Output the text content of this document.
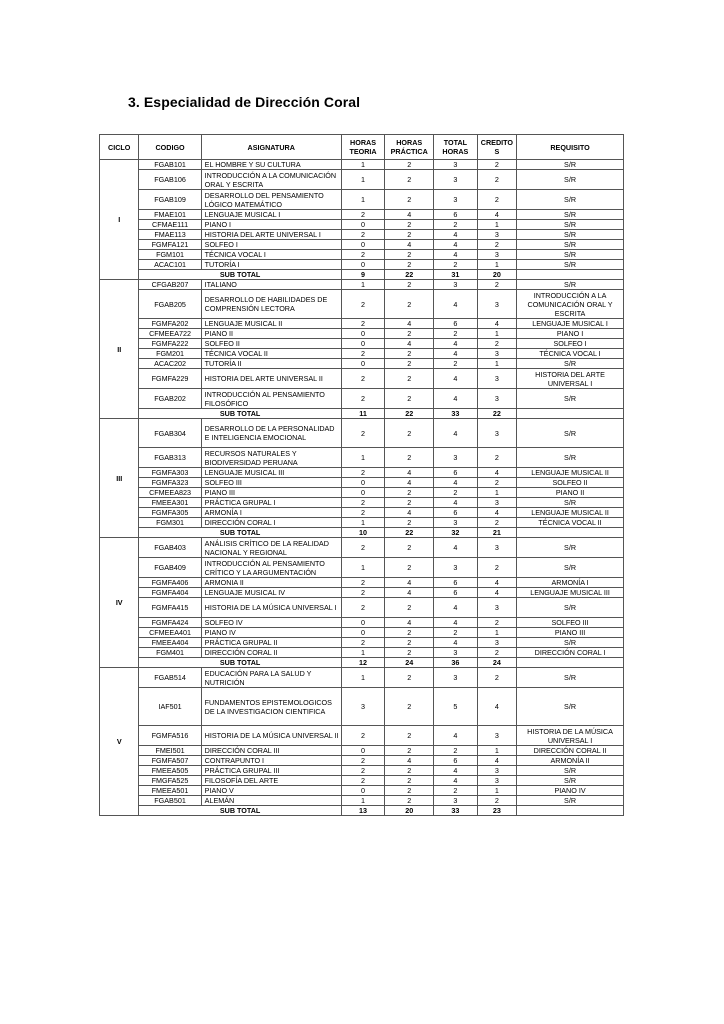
3. Especialidad de Dirección Coral
CICLO	CODIGO	ASIGNATURA	HORAS TEORIA	HORAS PRÁCTICA	TOTAL HORAS	CREDITO S	REQUISITO
I	FGAB101	EL HOMBRE Y SU CULTURA	1	2	3	2	S/R
	FGAB106	INTRODUCCIÓN A LA COMUNICACIÓN ORAL Y ESCRITA	1	2	3	2	S/R
	FGAB109	DESARROLLO DEL PENSAMIENTO LÓGICO MATEMÁTICO	1	2	3	2	S/R
	FMAE101	LENGUAJE MUSICAL I	2	4	6	4	S/R
	CFMAE111	PIANO I	0	2	2	1	S/R
	FMAE113	HISTORIA DEL ARTE UNIVERSAL I	2	2	4	3	S/R
	FGMFA121	SOLFEO I	0	4	4	2	S/R
	FGM101	TÉCNICA VOCAL I	2	2	4	3	S/R
	ACAC101	TUTORÍA I	0	2	2	1	S/R
	SUB TOTAL		9	22	31	20	
II	CFGAB207	ITALIANO	1	2	3	2	S/R
	FGAB205	DESARROLLO DE HABILIDADES DE COMPRENSIÓN LECTORA	2	2	4	3	INTRODUCCIÓN A LA COMUNICACIÓN ORAL Y ESCRITA
	FGMFA202	LENGUAJE MUSICAL II	2	4	6	4	LENGUAJE MUSICAL I
	CFMEEA722	PIANO II	0	2	2	1	PIANO I
	FGMFA222	SOLFEO II	0	4	4	2	SOLFEO I
	FGM201	TÉCNICA VOCAL II	2	2	4	3	TÉCNICA VOCAL I
	ACAC202	TUTORÍA II	0	2	2	1	S/R
	FGMFA229	HISTORIA DEL ARTE UNIVERSAL II	2	2	4	3	HISTORIA DEL ARTE UNIVERSAL I
	FGAB202	INTRODUCCIÓN AL PENSAMIENTO FILOSÓFICO	2	2	4	3	S/R
	SUB TOTAL		11	22	33	22	
III	FGAB304	DESARROLLO DE LA PERSONALIDAD E INTELIGENCIA EMOCIONAL	2	2	4	3	S/R
	FGAB313	RECURSOS NATURALES Y BIODIVERSIDAD PERUANA	1	2	3	2	S/R
	FGMFA303	LENGUAJE MUSICAL III	2	4	6	4	LENGUAJE MUSICAL II
	FGMFA323	SOLFEO III	0	4	4	2	SOLFEO II
	CFMEEA823	PIANO III	0	2	2	1	PIANO II
	FMEEA301	PRÁCTICA GRUPAL I	2	2	4	3	S/R
	FGMFA305	ARMONÍA I	2	4	6	4	LENGUAJE MUSICAL II
	FGM301	DIRECCIÓN CORAL I	1	2	3	2	TÉCNICA VOCAL II
	SUB TOTAL		10	22	32	21	
IV	FGAB403	ANÁLISIS CRÍTICO DE LA REALIDAD NACIONAL Y REGIONAL	2	2	4	3	S/R
	FGAB409	INTRODUCCIÓN AL PENSAMIENTO CRÍTICO Y LA ARGUMENTACIÓN	1	2	3	2	S/R
	FGMFA406	ARMONIA II	2	4	6	4	ARMONÍA I
	FGMFA404	LENGUAJE MUSICAL IV	2	4	6	4	LENGUAJE MUSICAL III
	FGMFA415	HISTORIA DE LA MÚSICA UNIVERSAL I	2	2	4	3	S/R
	FGMFA424	SOLFEO IV	0	4	4	2	SOLFEO III
	CFMEEA401	PIANO IV	0	2	2	1	PIANO III
	FMEEA404	PRÁCTICA GRUPAL II	2	2	4	3	S/R
	FGM401	DIRECCIÓN CORAL II	1	2	3	2	DIRECCIÓN CORAL I
	SUB TOTAL		12	24	36	24	
V	FGAB514	EDUCACIÓN PARA LA SALUD Y NUTRICIÓN	1	2	3	2	S/R
	IAF501	FUNDAMENTOS EPISTEMOLOGICOS DE LA INVESTIGACION CIENTIFICA	3	2	5	4	S/R
	FGMFA516	HISTORIA DE LA MÚSICA UNIVERSAL II	2	2	4	3	HISTORIA DE LA MÚSICA UNIVERSAL I
	FMEI501	DIRECCIÓN CORAL III	0	2	2	1	DIRECCIÓN CORAL II
	FGMFA507	CONTRAPUNTO I	2	4	6	4	ARMONÍA II
	FMEEA505	PRÁCTICA GRUPAL III	2	2	4	3	S/R
	FMGFA525	FILOSOFÍA DEL ARTE	2	2	4	3	S/R
	FMEEA501	PIANO V	0	2	2	1	PIANO IV
	FGAB501	ALEMÁN	1	2	3	2	S/R
	SUB TOTAL		13	20	33	23	
